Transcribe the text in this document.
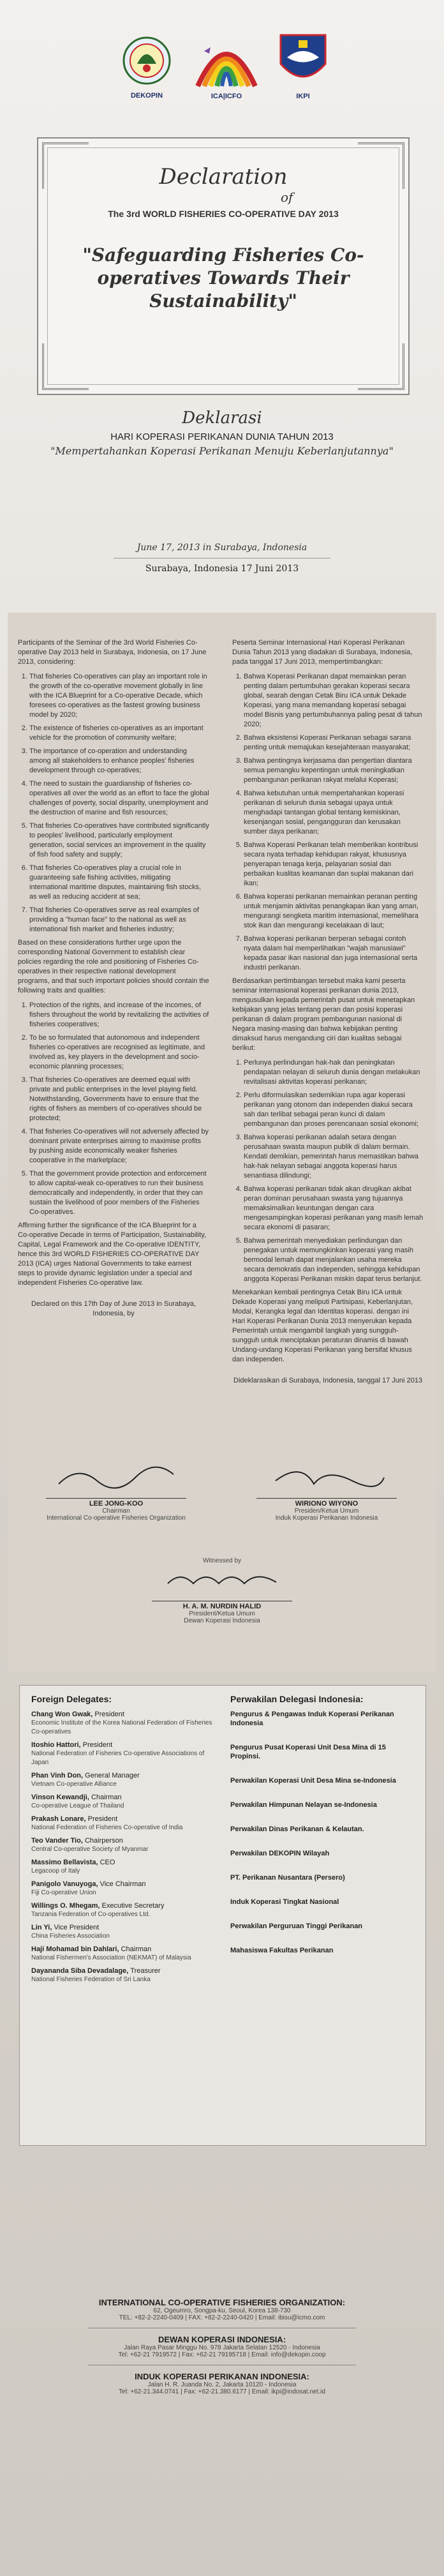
DEKOPIN	ICA|ICFO	IKPI
Declaration
of
The 3rd WORLD FISHERIES CO-OPERATIVE DAY 2013
"Safeguarding Fisheries Co-operatives Towards Their Sustainability"
Deklarasi
HARI KOPERASI PERIKANAN DUNIA TAHUN 2013
"Mempertahankan Koperasi Perikanan Menuju Keberlanjutannya"
June 17, 2013 in Surabaya, Indonesia
Surabaya, Indonesia 17 Juni 2013

Participants of the Seminar of the 3rd World Fisheries Co-operative Day 2013 held in Surabaya, Indonesia, on 17 June 2013, considering:

1. That fisheries Co-operatives can play an important role in the growth of the co-operative movement globally in line with the ICA Blueprint for a Co-operative Decade, which foresees co-operatives as the fastest growing business model by 2020;
2. The existence of fisheries co-operatives as an important vehicle for the promotion of community welfare;
3. The importance of co-operation and understanding among all stakeholders to enhance peoples' fisheries development through co-operatives;
4. The need to sustain the guardianship of fisheries co-operatives all over the world as an effort to face the global challenges of poverty, social disparity, unemployment and the destruction of marine and fish resources;
5. That fisheries Co-operatives have contributed significantly to peoples' livelihood, particularly employment generation, social services an improvement in the quality of fish food safety and supply;
6. That fisheries Co-operatives play a crucial role in guaranteeing safe fishing activities, mitigating international maritime disputes, maintaining fish stocks, as well as reducing accident at sea;
7. That fisheries Co-operatives serve as real examples of providing a "human face" to the national as well as international fish market and fisheries industry;

Based on these considerations further urge upon the corresponding National Government to establish clear policies regarding the role and positioning of Fisheries Co-operatives in their respective national development programs, and that such important policies should contain the following traits and qualities:

1. Protection of the rights, and increase of the incomes, of fishers throughout the world by revitalizing the activities of fisheries cooperatives;
2. To be so formulated that autonomous and independent fisheries co-operatives are recognised as legitimate, and involved as, key players in the development and socio-economic planning processes;
3. That fisheries Co-operatives are deemed equal with private and public enterprises in the level playing field. Notwithstanding, Governments have to ensure that the rights of fishers as members of co-operatives should be protected;
4. That fisheries Co-operatives will not adversely affected by dominant private enterprises aiming to maximise profits by pushing aside economically weaker fisheries cooperative in the marketplace;
5. That the government provide protection and enforcement to allow capital-weak co-operatives to run their business democratically and independently, in order that they can sustain the livelihood of poor members of the Fisheries Co-operatives.

Affirming further the significance of the ICA Blueprint for a Co-operative Decade in terms of Participation, Sustainability, Capital, Legal Framework and the Co-operative IDENTITY, hence this 3rd WORLD FISHERIES CO-OPERATIVE DAY 2013 (ICA) urges National Governments to take earnest steps to provide dynamic legislation under a special and independent Fisheries Co-operative law.

Declared on this 17th Day of June 2013 in Surabaya, Indonesia, by

Peserta Seminar Internasional Hari Koperasi Perikanan Dunia Tahun 2013 yang diadakan di Surabaya, Indonesia, pada tanggal 17 Juni 2013, mempertimbangkan:

1. Bahwa Koperasi Perikanan dapat memainkan peran penting dalam pertumbuhan gerakan koperasi secara global, searah dengan Cetak Biru ICA untuk Dekade Koperasi, yang mana memandang koperasi sebagai model Bisnis yang pertumbuhannya paling pesat di tahun 2020;
2. Bahwa eksistensi Koperasi Perikanan sebagai sarana penting untuk memajukan kesejahteraan masyarakat;
3. Bahwa pentingnya kerjasama dan pengertian diantara semua pemangku kepentingan untuk meningkatkan pembangunan perikanan rakyat melalui Koperasi;
4. Bahwa kebutuhan untuk mempertahankan koperasi perikanan di seluruh dunia sebagai upaya untuk menghadapi tantangan global tentang kemiskinan, kesenjangan sosial, pengangguran dan kerusakan sumber daya perikanan;
5. Bahwa Koperasi Perikanan telah memberikan kontribusi secara nyata terhadap kehidupan rakyat, khususnya penyerapan tenaga kerja, pelayanan sosial dan perbaikan kualitas keamanan dan suplai makanan dari ikan;
6. Bahwa koperasi perikanan memainkan peranan penting untuk menjamin aktivitas penangkapan ikan yang aman, mengurangi sengketa maritim internasional, memelihara stok ikan dan mengurangi kecelakaan di laut;
7. Bahwa koperasi perikanan berperan sebagai contoh nyata dalam hal memperlihatkan "wajah manusiawi" kepada pasar ikan nasional dan juga internasional serta industri perikanan.

Berdasarkan pertimbangan tersebut maka kami peserta seminar internasional koperasi perikanan dunia 2013, mengusulkan kepada pemerintah pusat untuk menetapkan kebijakan yang jelas tentang peran dan posisi koperasi perikanan di dalam program pembangunan nasional di Negara masing-masing dan bahwa kebijakan penting dimaksud harus mengandung ciri dan kualitas sebagai berikut:

1. Perlunya perlindungan hak-hak dan peningkatan pendapatan nelayan di seluruh dunia dengan melakukan revitalisasi aktivitas koperasi perikanan;
2. Perlu diformulasikan sedemikian rupa agar koperasi perikanan yang otonom dan independen diakui secara sah dan terlibat sebagai peran kunci di dalam pembangunan dan proses perencanaan sosial ekonomi;
3. Bahwa koperasi perikanan adalah setara dengan perusahaan swasta maupun publik di dalam bermain. Kendati demikian, pemerintah harus memastikan bahwa hak-hak nelayan sebagai anggota koperasi harus senantiasa dilindungi;
4. Bahwa koperasi perikanan tidak akan dirugikan akibat peran dominan perusahaan swasta yang tujuannya memaksimalkan keuntungan dengan cara mengesampingkan koperasi perikanan yang masih lemah secara ekonomi di pasaran;
5. Bahwa pemerintah menyediakan perlindungan dan penegakan untuk memungkinkan koperasi yang masih bermodal lemah dapat menjalankan usaha mereka secara demokratis dan independen, sehingga kehidupan anggota Koperasi Perikanan miskin dapat terus berlanjut.

Menekankan kembali pentingnya Cetak Biru ICA untuk Dekade Koperasi yang meliputi Partisipasi, Keberlanjutan, Modal, Kerangka legal dan Identitas koperasi. dengan ini Hari Koperasi Perikanan Dunia 2013 menyerukan kepada Pemerintah untuk mengambil langkah yang sungguh-sungguh untuk menciptakan peraturan dinamis di bawah Undang-undang Koperasi Perikanan yang bersifat khusus dan independen.

Dideklarasikan di Surabaya, Indonesia, tanggal 17 Juni 2013

LEE JONG-KOO
Chairman
International Co-operative Fisheries Organization
WIRIONO WIYONO
Presiden/Ketua Umum
Induk Koperasi Perikanan Indonesia
Witnessed by
H. A. M. NURDIN HALID
President/Ketua Umum
Dewan Koperasi Indonesia
Foreign Delegates:
Chang Won Gwak, President
Economic Institute of the Korea National Federation of Fisheries Co-operatives
Itoshio Hattori, President
National Federation of Fisheries Co-operative Associations of Japan
Phan Vinh Don, General Manager
Vietnam Co-operative Alliance
Vinson Kewandji, Chairman
Co-operative League of Thailand
Prakash Lonare, President
National Federation of Fisheries Co-operative of India
Teo Vander Tio, Chairperson
Central Co-operative Society of Myanmar
Massimo Bellavista, CEO
Legacoop of Italy
Panigolo Vanuyoga, Vice Chairman
Fiji Co-operative Union
Willings O. Mhegam, Executive Secretary
Tanzania Federation of Co-operatives Ltd.
Lin Yi, Vice President
China Fisheries Association
Haji Mohamad bin Dahlari, Chairman
National Fishermen's Association (NEKMAT) of Malaysia
Dayananda Siba Devadalage, Treasurer
National Fisheries Federation of Sri Lanka
Perwakilan Delegasi Indonesia:
Pengurus & Pengawas Induk Koperasi Perikanan Indonesia
Pengurus Pusat Koperasi Unit Desa Mina di 15 Propinsi.
Perwakilan Koperasi Unit Desa Mina se-Indonesia
Perwakilan Himpunan Nelayan se-Indonesia
Perwakilan Dinas Perikanan & Kelautan.
Perwakilan DEKOPIN Wilayah
PT. Perikanan Nusantara (Persero)
Induk Koperasi Tingkat Nasional
Perwakilan Perguruan Tinggi Perikanan
Mahasiswa Fakultas Perikanan
INTERNATIONAL CO-OPERATIVE FISHERIES ORGANIZATION:
62, Ogeumro, Songpa-ku, Seoul, Korea 138-730
TEL: +82-2-2240-0409 | FAX: +82-2-2240-0420 | Email: ibisu@icmo.com
DEWAN KOPERASI INDONESIA:
Jalan Raya Pasar Minggu No. 978 Jakarta Selatan 12520 - Indonesia
Tel: +62-21 7919572 | Fax: +62-21 79195718 | Email: info@dekopin.coop
INDUK KOPERASI PERIKANAN INDONESIA:
Jalan H. R. Juanda No. 2, Jakarta 10120 - Indonesia
Tel: +62-21.344.0741 | Fax: +62-21.380.6177 | Email: ikpi@indosat.net.id
